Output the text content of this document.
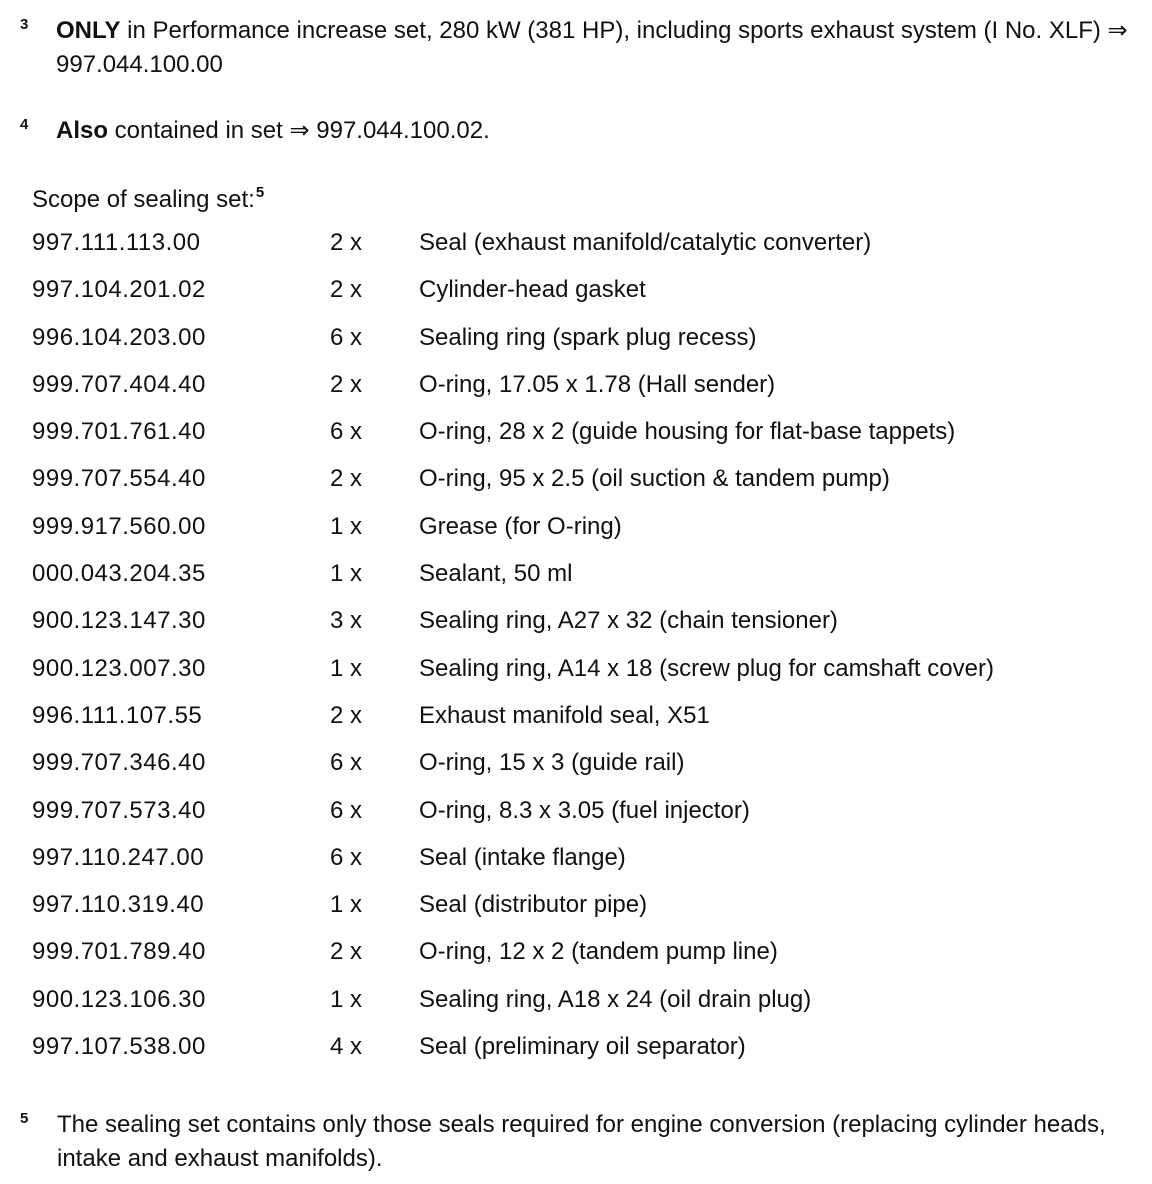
3 ONLY in Performance increase set, 280 kW (381 HP), including sports exhaust system (I No. XLF) ⇒
997.044.100.00
4 Also contained in set ⇒ 997.044.100.02.
Scope of sealing set:$^5$
997.111.113.00	2 x Seal (exhaust manifold/catalytic converter)
997.104.201.02	2 x Cylinder-head gasket
996.104.203.00	6 x Sealing ring (spark plug recess)
999.707.404.40	2 x O-ring, 17.05 x 1.78 (Hall sender)
999.701.761.40	6 x O-ring, 28 x 2 (guide housing for flat-base tappets)
999.707.554.40	2 x O-ring, 95 x 2.5 (oil suction & tandem pump)
999.917.560.00	1 x Grease (for O-ring)
000.043.204.35	1 x Sealant, 50 ml
900.123.147.30	3 x Sealing ring, A27 x 32 (chain tensioner)
900.123.007.30	1 x Sealing ring, A14 x 18 (screw plug for camshaft cover)
996.111.107.55	2 x Exhaust manifold seal, X51
999.707.346.40	6 x O-ring, 15 x 3 (guide rail)
999.707.573.40	6 x O-ring, 8.3 x 3.05 (fuel injector)
997.110.247.00	6 x Seal (intake flange)
997.110.319.40	1 x Seal (distributor pipe)
999.701.789.40	2 x O-ring, 12 x 2 (tandem pump line)
900.123.106.30	1 x Sealing ring, A18 x 24 (oil drain plug)
997.107.538.00	4 x Seal (preliminary oil separator)
5 The sealing set contains only those seals required for engine conversion (replacing cylinder heads, intake and exhaust manifolds).
